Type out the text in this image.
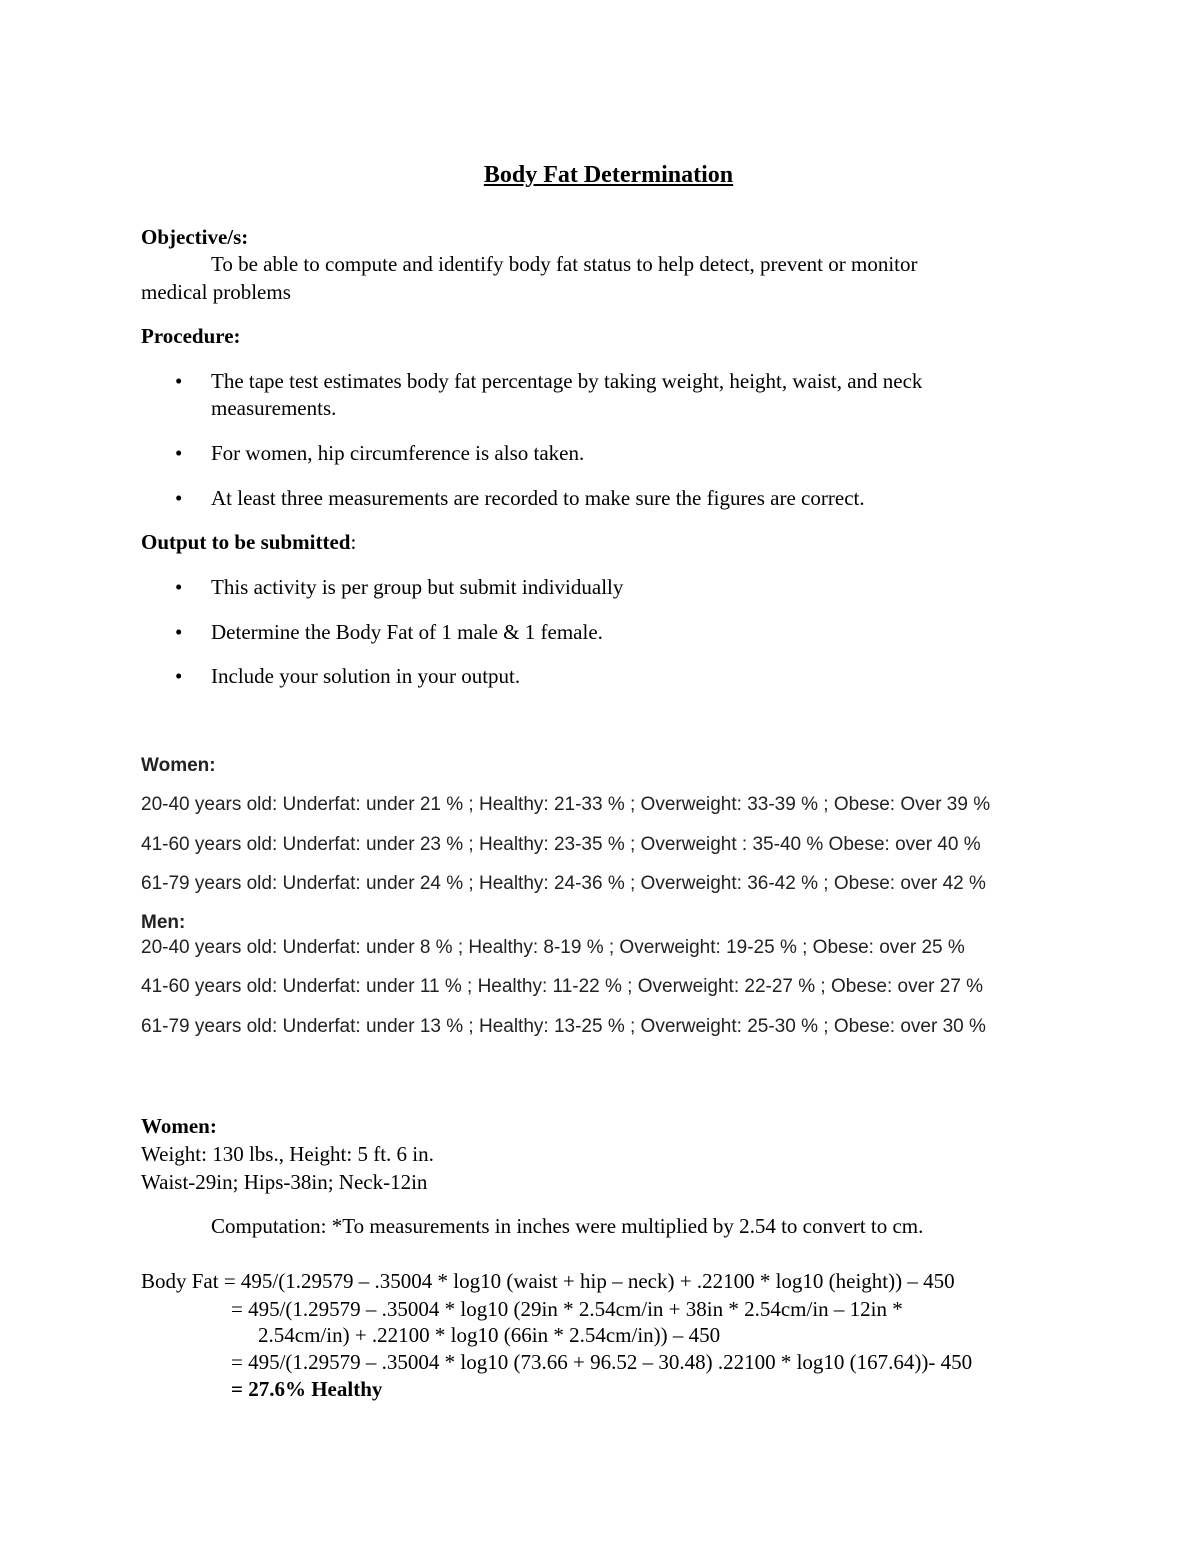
Body Fat Determination
Objective/s:
To be able to compute and identify body fat status to help detect, prevent or monitor
medical problems
Procedure:
• The tape test estimates body fat percentage by taking weight, height, waist, and neck
measurements.
• For women, hip circumference is also taken.
• At least three measurements are recorded to make sure the figures are correct.
Output to be submitted:
• This activity is per group but submit individually
• Determine the Body Fat of 1 male & 1 female.
• Include your solution in your output.
Women:
20-40 years old: Underfat: under 21 % ; Healthy: 21-33 % ; Overweight: 33-39 % ; Obese: Over 39 %
41-60 years old: Underfat: under 23 % ; Healthy: 23-35 % ; Overweight : 35-40 % Obese: over 40 %
61-79 years old: Underfat: under 24 % ; Healthy: 24-36 % ; Overweight: 36-42 % ; Obese: over 42 %
Men:
20-40 years old: Underfat: under 8 % ; Healthy: 8-19 % ; Overweight: 19-25 % ; Obese: over 25 %
41-60 years old: Underfat: under 11 % ; Healthy: 11-22 % ; Overweight: 22-27 % ; Obese: over 27 %
61-79 years old: Underfat: under 13 % ; Healthy: 13-25 % ; Overweight: 25-30 % ; Obese: over 30 %
Women:
Weight: 130 lbs., Height: 5 ft. 6 in.
Waist-29in; Hips-38in; Neck-12in
Computation: *To measurements in inches were multiplied by 2.54 to convert to cm.
Body Fat = 495/(1.29579 – .35004 * log10 (waist + hip – neck) + .22100 * log10 (height)) – 450
= 495/(1.29579 – .35004 * log10 (29in * 2.54cm/in + 38in * 2.54cm/in – 12in *
2.54cm/in) + .22100 * log10 (66in * 2.54cm/in)) – 450
= 495/(1.29579 – .35004 * log10 (73.66 + 96.52 – 30.48) .22100 * log10 (167.64))- 450
= 27.6% Healthy
